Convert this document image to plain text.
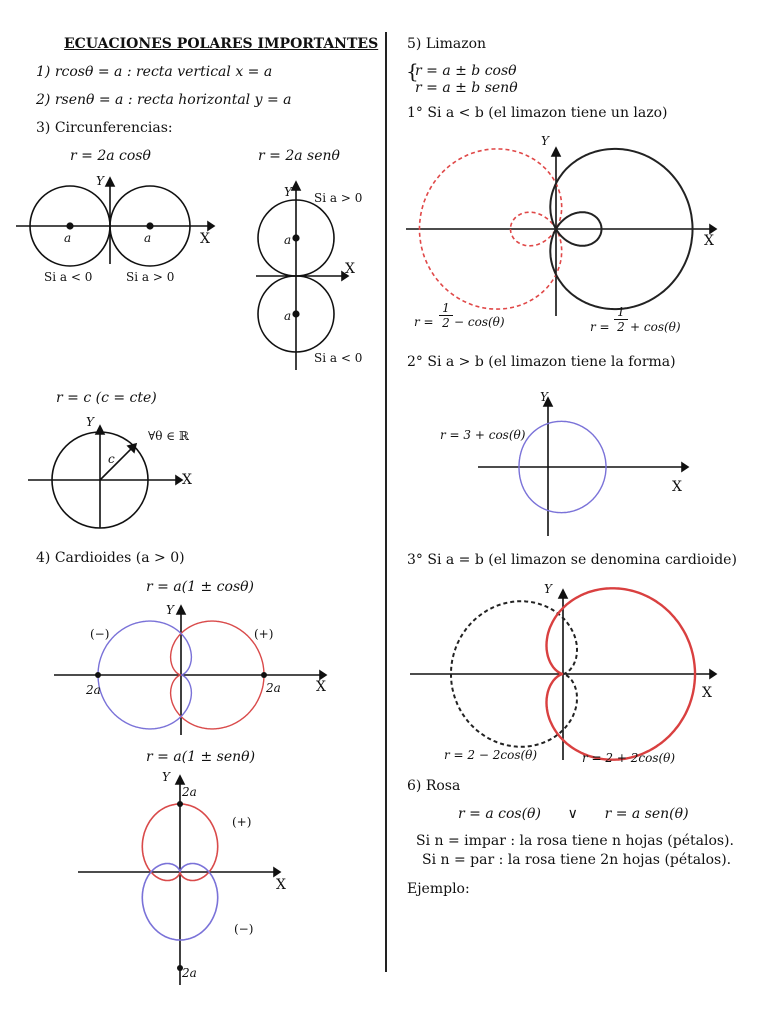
ECUACIONES POLARES IMPORTANTES
1) rcosθ = a : recta vertical x = a
2) rsenθ = a : recta horizontal y = a
3) Circunferencias:
r = 2a cosθ
Y
X
a	a
Si a < 0	Si a > 0
r = 2a senθ
Y
X
a
a
Si a > 0
Si a < 0
r = c (c = cte)
Y
X
c
∀θ ∈ ℝ
4) Cardioides (a > 0)
r = a(1 ± cosθ)
Y
X
(−)	(+)
2a	2a
r = a(1 ± senθ)
Y
X
(+)
(−)
2a
2a
5) Limazon
{
r = a ± b cosθ
r = a ± b senθ
1° Si a < b (el limazon tiene un lazo)
Y
X
r =
1
2 − cos(θ)	r =
1
2 + cos(θ)
2° Si a > b (el limazon tiene la forma)
Y
X
r = 3 + cos(θ)
3° Si a = b (el limazon se denomina cardioide)
Y
X
r = 2 − 2cos(θ)	r = 2 + 2cos(θ)
6) Rosa
r = a cos(θ)      ∨      r = a sen(θ)
Si n = impar : la rosa tiene n hojas (pétalos).
Si n = par : la rosa tiene 2n hojas (pétalos).
Ejemplo:
